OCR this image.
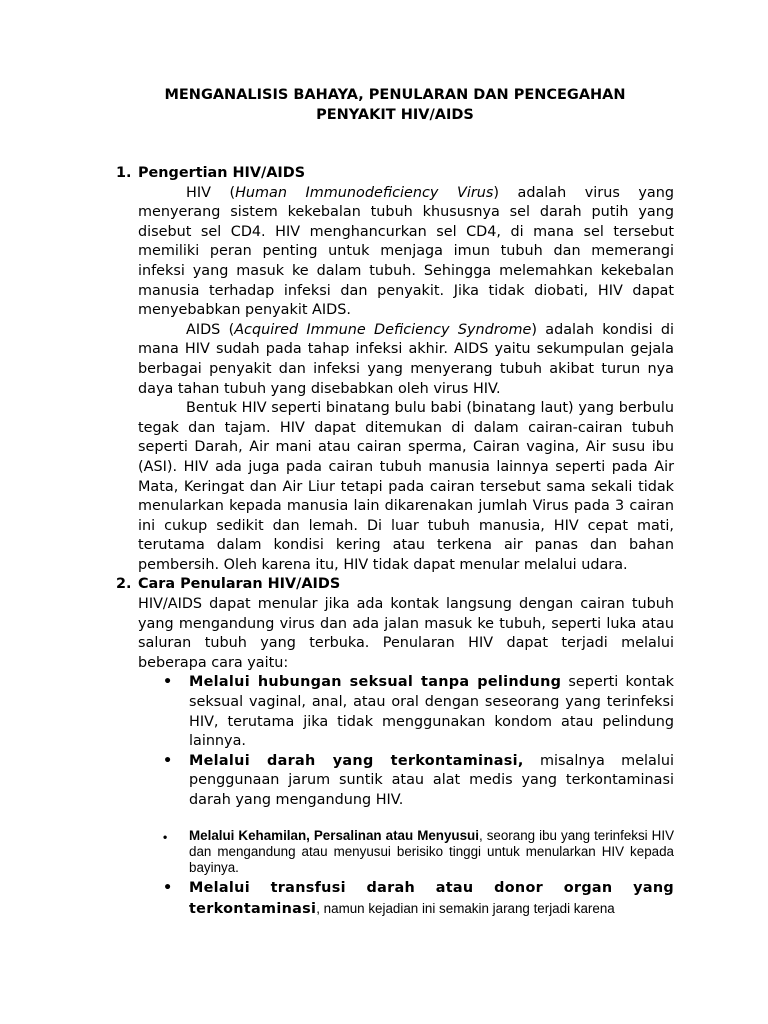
MENGANALISIS BAHAYA, PENULARAN DAN PENCEGAHAN
PENYAKIT HIV/AIDS
1. Pengertian HIV/AIDS

HIV (Human Immunodeficiency Virus) adalah virus yang menyerang sistem kekebalan tubuh khususnya sel darah putih yang disebut sel CD4. HIV menghancurkan sel CD4, di mana sel tersebut memiliki peran penting untuk menjaga imun tubuh dan memerangi infeksi yang masuk ke dalam tubuh. Sehingga melemahkan kekebalan manusia terhadap infeksi dan penyakit. Jika tidak diobati, HIV dapat menyebabkan penyakit AIDS.

AIDS (Acquired Immune Deficiency Syndrome) adalah kondisi di mana HIV sudah pada tahap infeksi akhir. AIDS yaitu sekumpulan gejala berbagai penyakit dan infeksi yang menyerang tubuh akibat turun nya daya tahan tubuh yang disebabkan oleh virus HIV.

Bentuk HIV seperti binatang bulu babi (binatang laut) yang berbulu tegak dan tajam. HIV dapat ditemukan di dalam cairan-cairan tubuh seperti Darah, Air mani atau cairan sperma, Cairan vagina, Air susu ibu (ASI). HIV ada juga pada cairan tubuh manusia lainnya seperti pada Air Mata, Keringat dan Air Liur tetapi pada cairan tersebut sama sekali tidak menularkan kepada manusia lain dikarenakan jumlah Virus pada 3 cairan ini cukup sedikit dan lemah. Di luar tubuh manusia, HIV cepat mati, terutama dalam kondisi kering atau terkena air panas dan bahan pembersih. Oleh karena itu, HIV tidak dapat menular melalui udara.

2. Cara Penularan HIV/AIDS

HIV/AIDS dapat menular jika ada kontak langsung dengan cairan tubuh yang mengandung virus dan ada jalan masuk ke tubuh, seperti luka atau saluran tubuh yang terbuka. Penularan HIV dapat terjadi melalui beberapa cara yaitu:

• Melalui hubungan seksual tanpa pelindung seperti kontak seksual vaginal, anal, atau oral dengan seseorang yang terinfeksi HIV, terutama jika tidak menggunakan kondom atau pelindung lainnya.
• Melalui darah yang terkontaminasi, misalnya melalui penggunaan jarum suntik atau alat medis yang terkontaminasi darah yang mengandung HIV.
• Melalui Kehamilan, Persalinan atau Menyusui, seorang ibu yang terinfeksi HIV dan mengandung atau menyusui berisiko tinggi untuk menularkan HIV kepada bayinya.
• Melalui transfusi darah atau donor organ yang terkontaminasi, namun kejadian ini semakin jarang terjadi karena
